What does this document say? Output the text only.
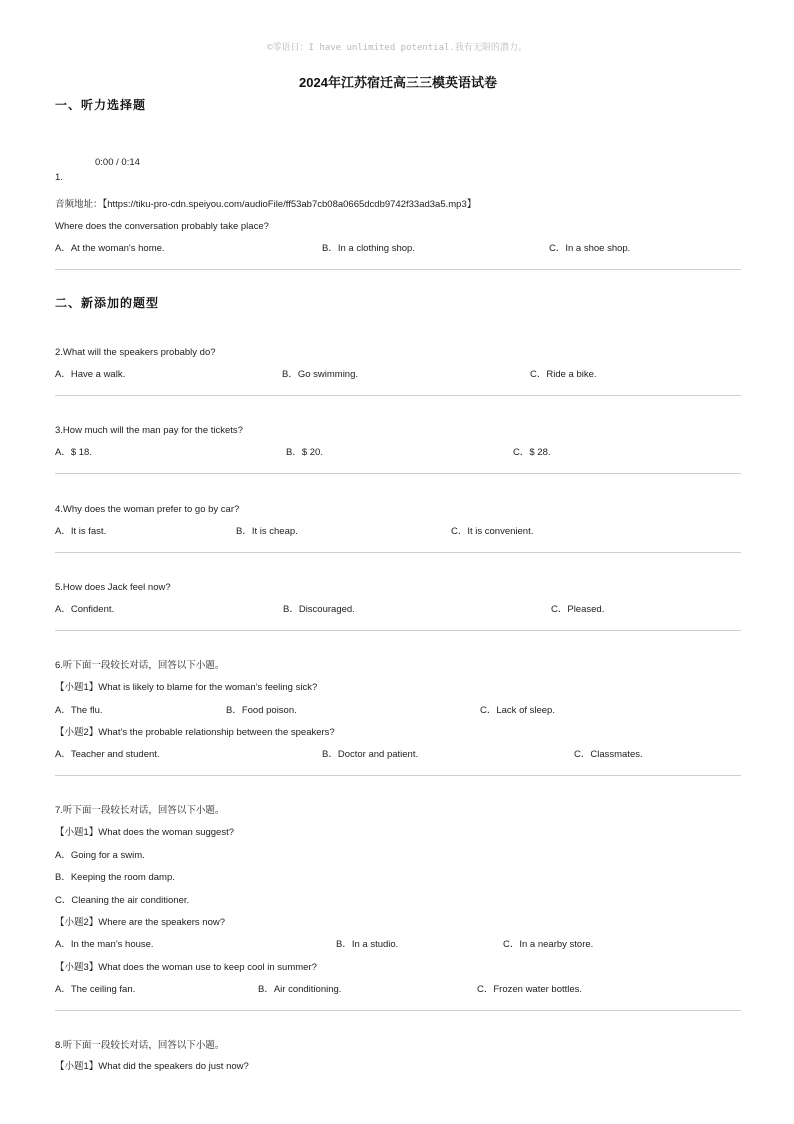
©零语日：I have unlimited potential.我有无限的潜力。
2024年江苏宿迁高三三模英语试卷
一、听力选择题
0:00 / 0:14
1.
音频地址：【https://tiku-pro-cdn.speiyou.com/audioFile/ff53ab7cb08a0665dcdb9742f33ad3a5.mp3】
Where does the conversation probably take place?
A．At the woman's home.	B．In a clothing shop.	C．In a shoe shop.
二、新添加的题型
2.What will the speakers probably do?
A．Have a walk.	B．Go swimming.	C．Ride a bike.
3.How much will the man pay for the tickets?
A．$ 18.	B．$ 20.	C．$ 28.
4.Why does the woman prefer to go by car?
A．It is fast.	B．It is cheap.	C．It is convenient.
5.How does Jack feel now?
A．Confident.	B．Discouraged.	C．Pleased.
6.听下面一段较长对话，回答以下小题。
【小题1】What is likely to blame for the woman’s feeling sick?
A．The flu.	B．Food poison.	C．Lack of sleep.
【小题2】What’s the probable relationship between the speakers?
A．Teacher and student.	B．Doctor and patient.	C．Classmates.
7.听下面一段较长对话，回答以下小题。
【小题1】What does the woman suggest?
A．Going for a swim.
B．Keeping the room damp.
C．Cleaning the air conditioner.
【小题2】Where are the speakers now?
A．In the man’s house.	B．In a studio.	C．In a nearby store.
【小题3】What does the woman use to keep cool in summer?
A．The ceiling fan.	B．Air conditioning.	C．Frozen water bottles.
8.听下面一段较长对话，回答以下小题。
【小题1】What did the speakers do just now?
